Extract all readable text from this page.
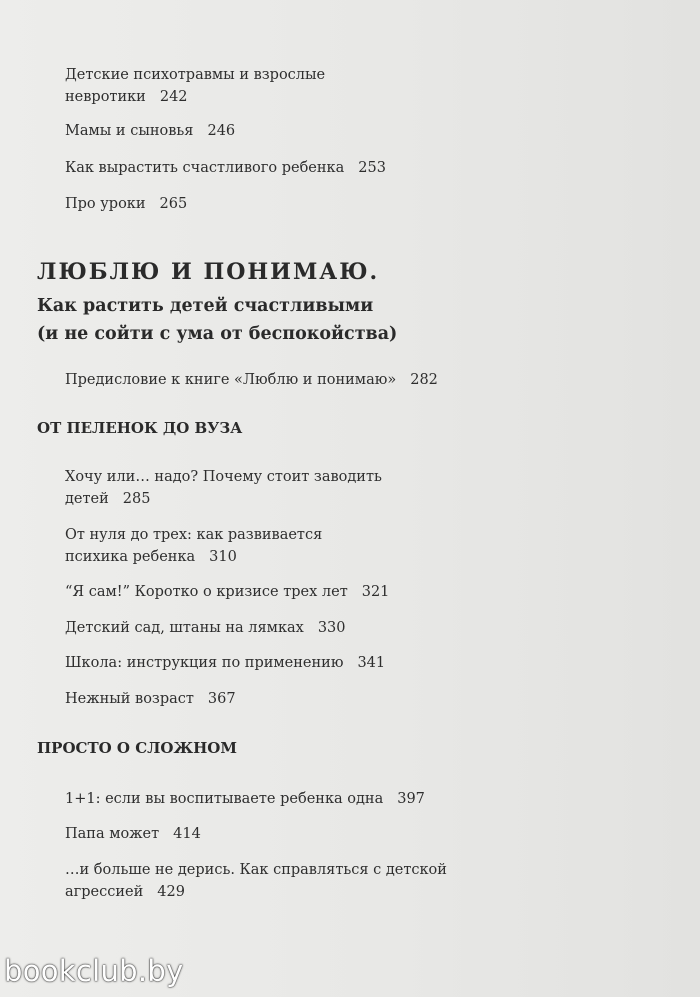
Детские психотравмы и взрослые
невротики 242
Мамы и сыновья 246
Как вырастить счастливого ребенка 253
Про уроки 265
ЛЮБЛЮ И ПОНИМАЮ.
Как растить детей счастливыми
(и не сойти с ума от беспокойства)
Предисловие к книге «Люблю и понимаю» 282
ОТ ПЕЛЕНОК ДО ВУЗА
Хочу или… надо? Почему стоит заводить
детей 285
От нуля до трех: как развивается
психика ребенка 310
“Я сам!” Коротко о кризисе трех лет 321
Детский сад, штаны на лямках 330
Школа: инструкция по применению 341
Нежный возраст 367
ПРОСТО О СЛОЖНОМ
1+1: если вы воспитываете ребенка одна 397
Папа может 414
…и больше не дерись. Как справляться с детской
агрессией 429
bookclub.by
